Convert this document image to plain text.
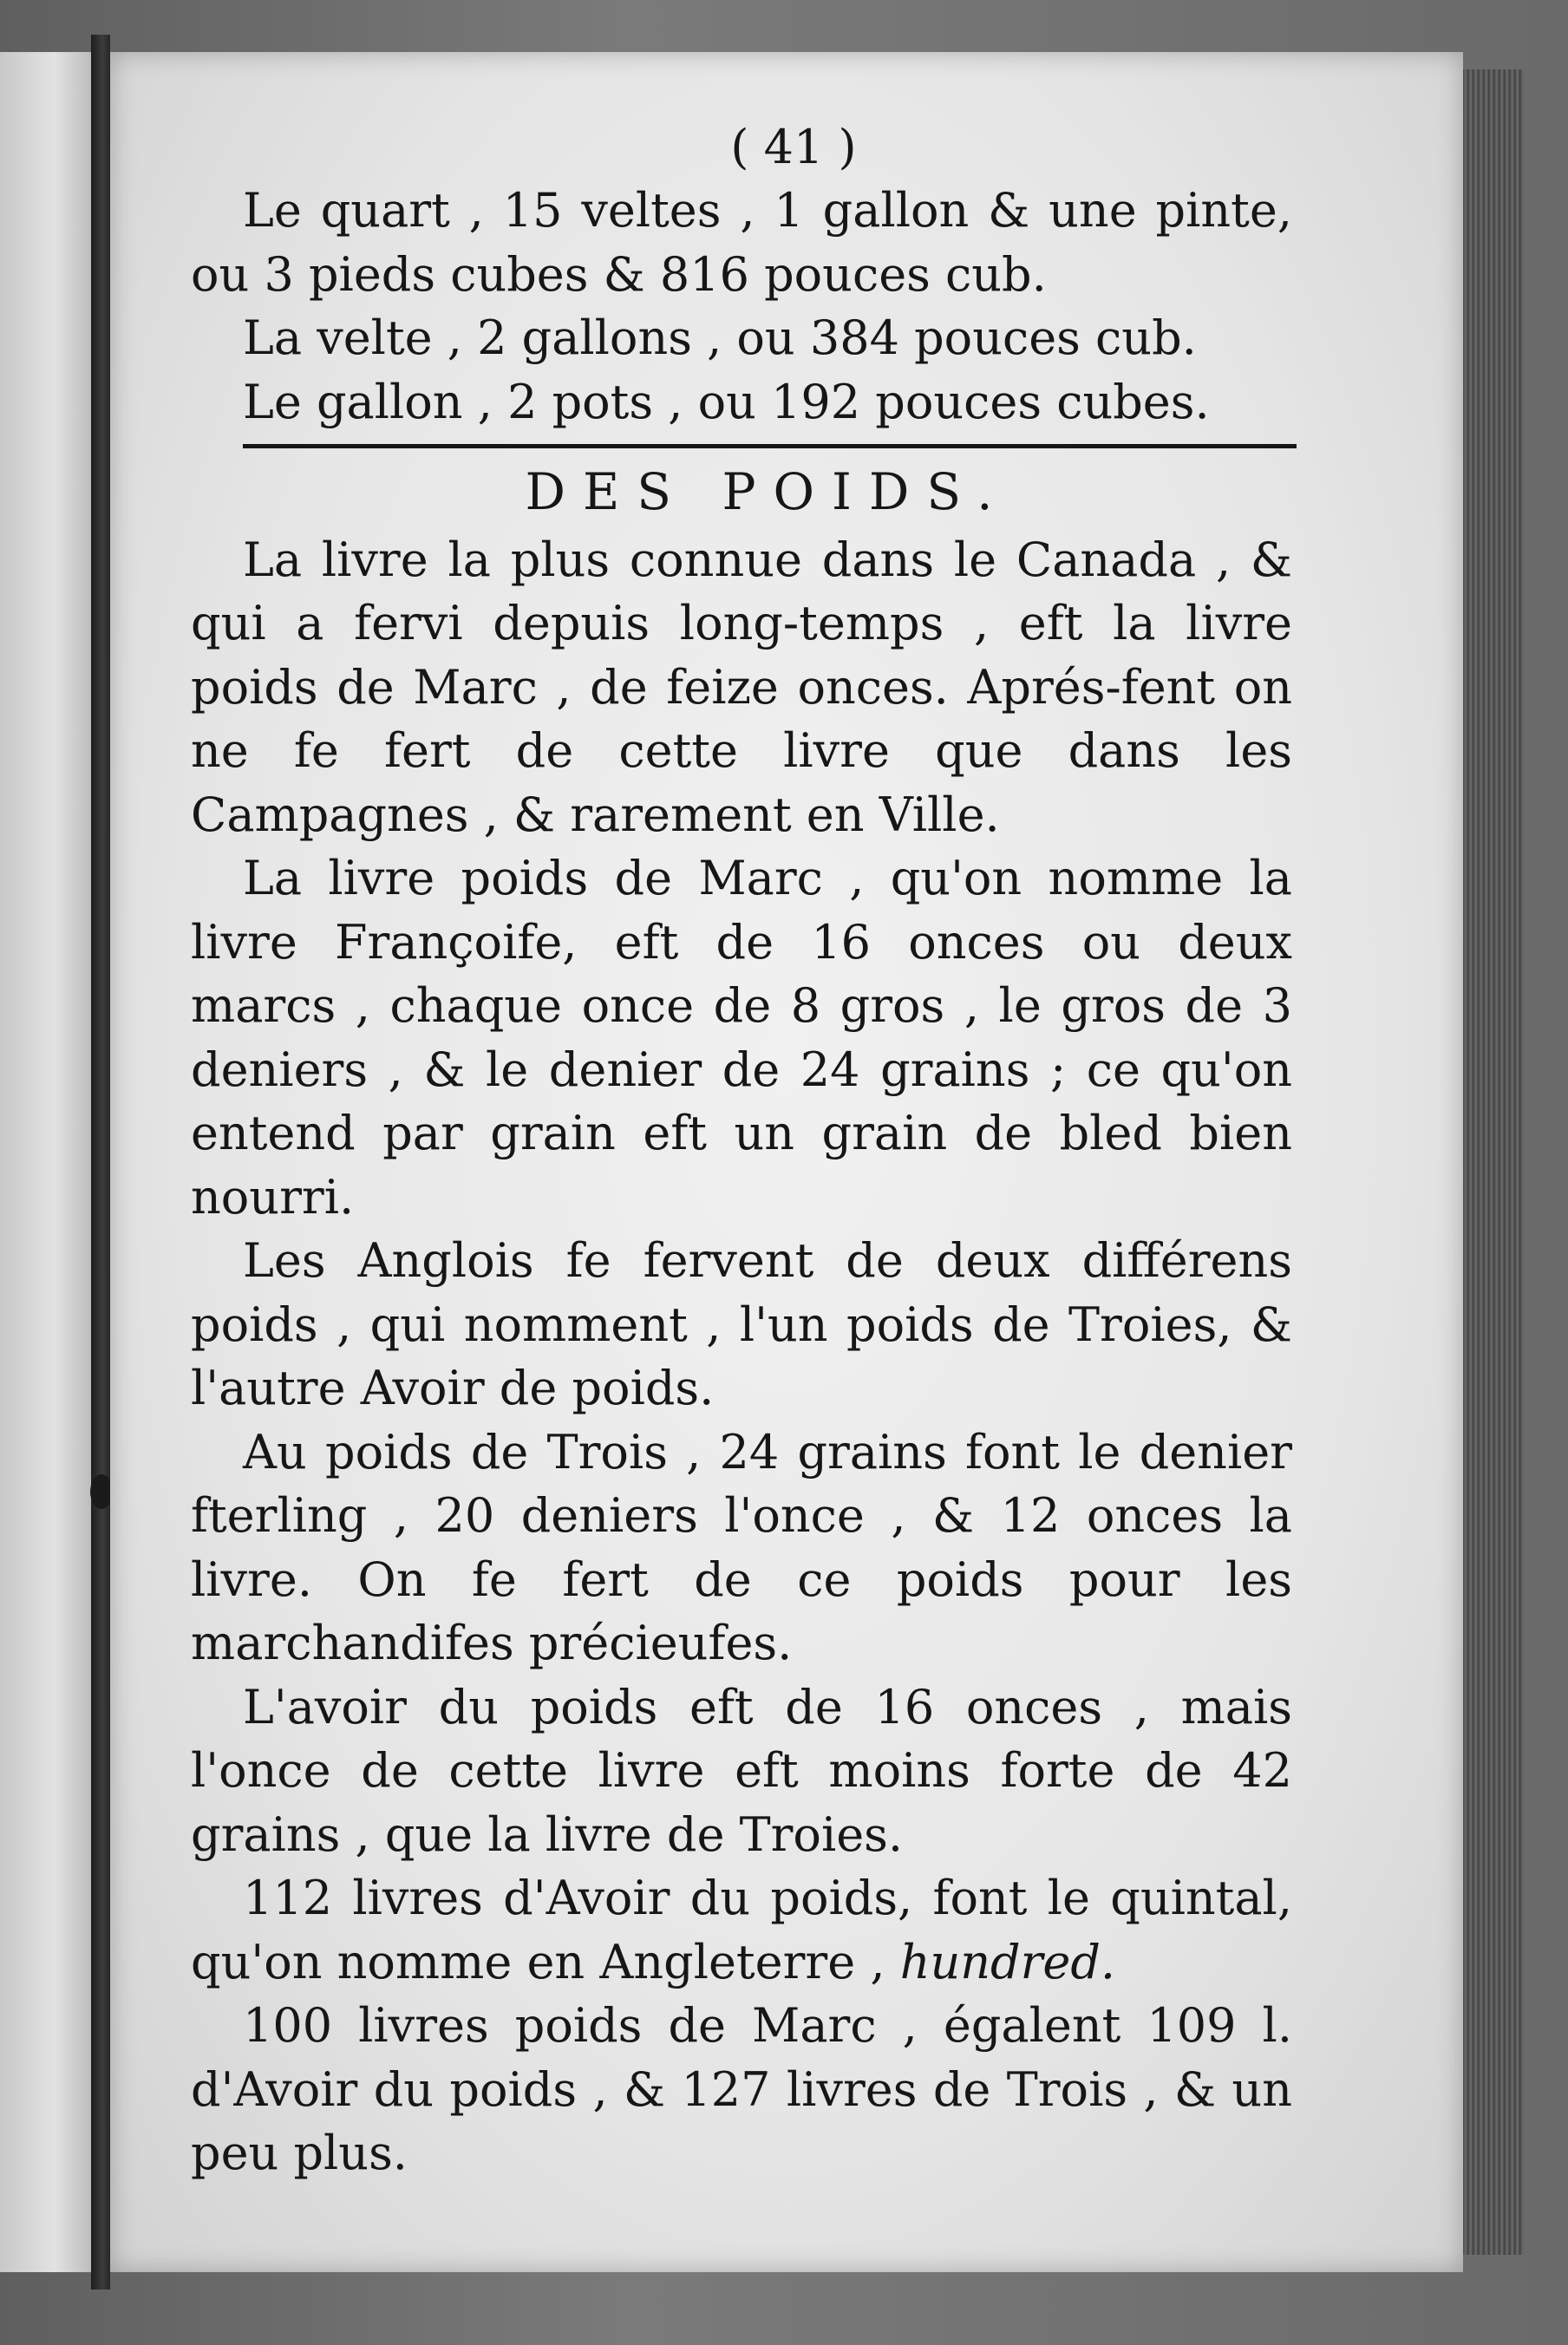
( 41 )

Le quart , 15 veltes , 1 gallon & une pinte, ou 3 pieds cubes & 816 pouces cub.

La velte , 2 gallons , ou 384 pouces cub.

Le gallon , 2 pots , ou 192 pouces cubes.

DES POIDS.

La livre la plus connue dans le Canada , & qui a fervi depuis long-temps , eft la livre poids de Marc , de feize onces. Aprés-fent on ne fe fert de cette livre que dans les Campagnes , & rarement en Ville.

La livre poids de Marc , qu'on nomme la livre Françoife, eft de 16 onces ou deux marcs , chaque once de 8 gros , le gros de 3 deniers , & le denier de 24 grains ; ce qu'on entend par grain eft un grain de bled bien nourri.

Les Anglois fe fervent de deux différens poids , qui nomment , l'un poids de Troies, & l'autre Avoir de poids.

Au poids de Trois , 24 grains font le denier fterling , 20 deniers l'once , & 12 onces la livre. On fe fert de ce poids pour les marchandifes précieufes.

L'avoir du poids eft de 16 onces , mais l'once de cette livre eft moins forte de 42 grains , que la livre de Troies.

112 livres d'Avoir du poids, font le quintal, qu'on nomme en Angleterre , hundred.

100 livres poids de Marc , égalent 109 l. d'Avoir du poids , & 127 livres de Trois , & un peu plus.
